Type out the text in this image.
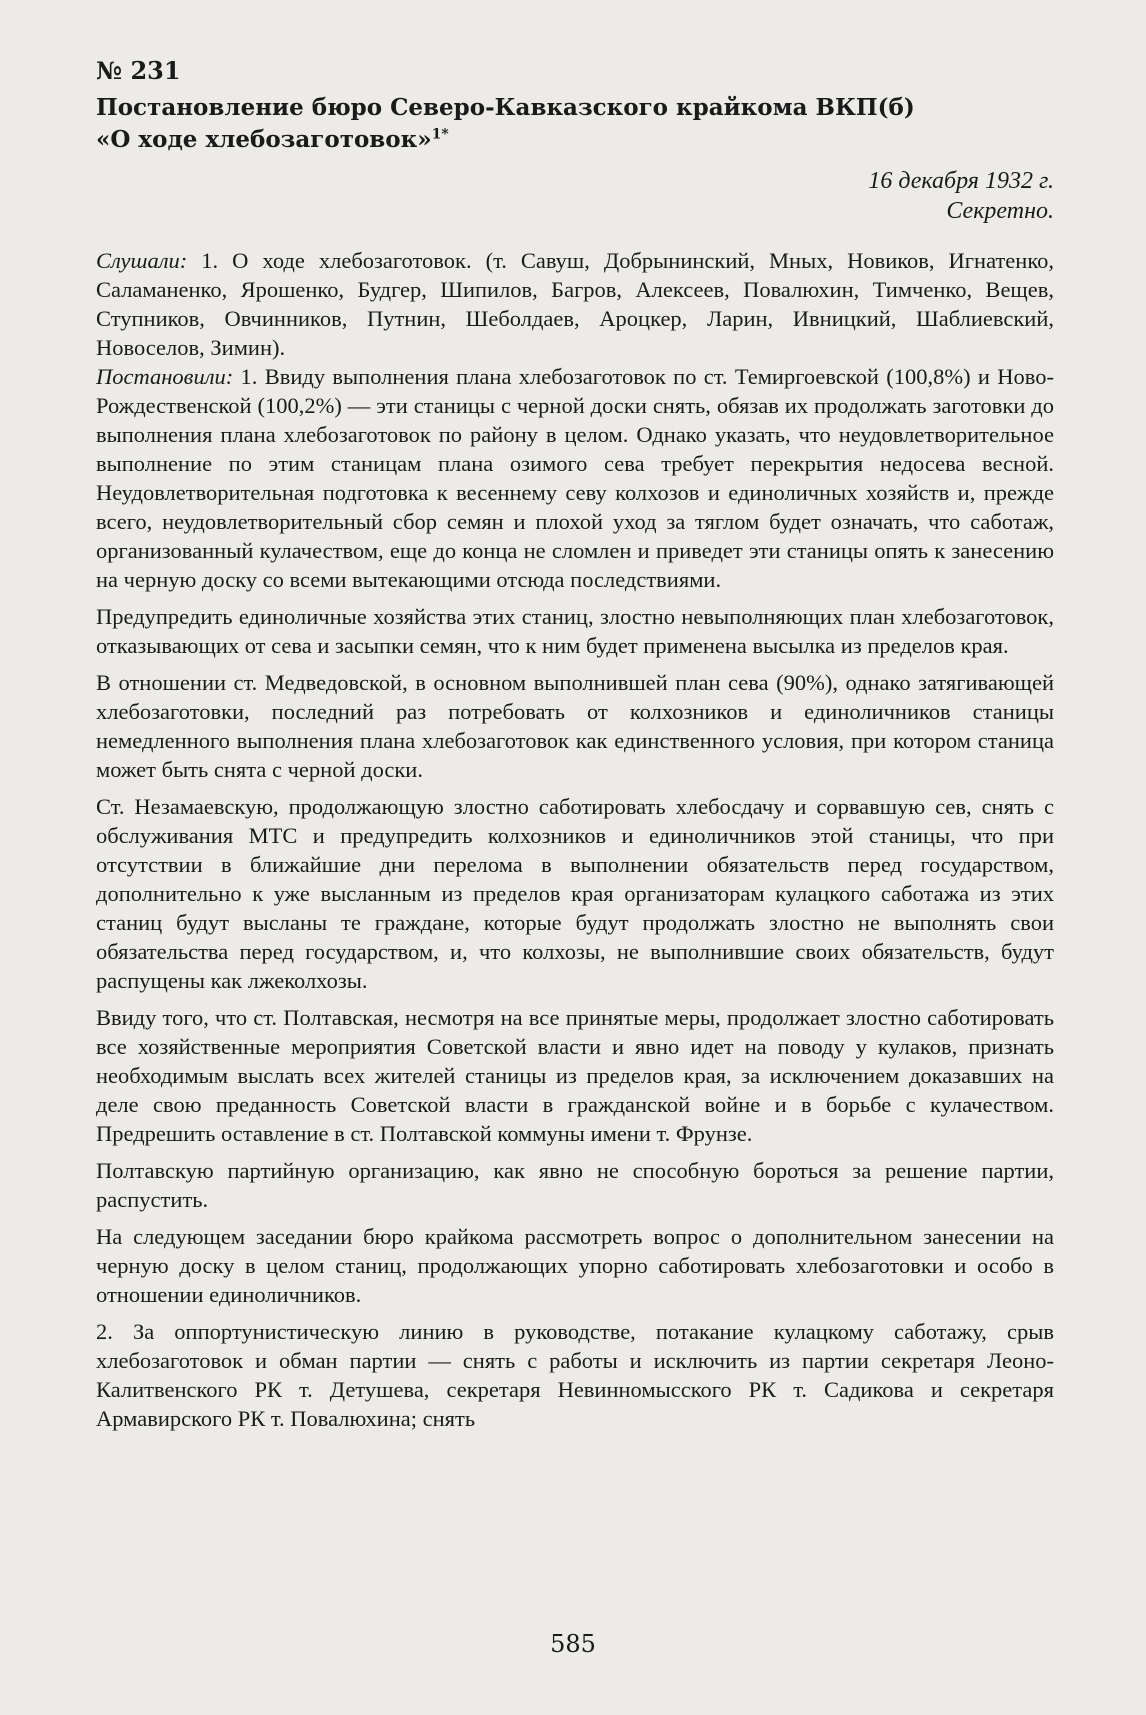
№ 231
Постановление бюро Северо-Кавказского крайкома ВКП(б)
«О ходе хлебозаготовок»$^{1*}$
16 декабря 1932 г.
Секретно.

Слушали: 1. О ходе хлебозаготовок. (т. Савуш, Добрынинский, Мных, Новиков, Игнатенко, Саламаненко, Ярошенко, Будгер, Шипилов, Багров, Алексеев, Повалюхин, Тимченко, Вещев, Ступников, Овчинников, Путнин, Шеболдаев, Ароцкер, Ларин, Ивницкий, Шаблиевский, Новоселов, Зимин).

Постановили: 1. Ввиду выполнения плана хлебозаготовок по ст. Темиргоевской (100,8%) и Ново-Рождественской (100,2%) — эти станицы с черной доски снять, обязав их продолжать заготовки до выполнения плана хлебозаготовок по району в целом. Однако указать, что неудовлетворительное выполнение по этим станицам плана озимого сева требует перекрытия недосева весной. Неудовлетворительная подготовка к весеннему севу колхозов и единоличных хозяйств и, прежде всего, неудовлетворительный сбор семян и плохой уход за тяглом будет означать, что саботаж, организованный кулачеством, еще до конца не сломлен и приведет эти станицы опять к занесению на черную доску со всеми вытекающими отсюда последствиями.

Предупредить единоличные хозяйства этих станиц, злостно невыполняющих план хлебозаготовок, отказывающих от сева и засыпки семян, что к ним будет применена высылка из пределов края.

В отношении ст. Медведовской, в основном выполнившей план сева (90%), однако затягивающей хлебозаготовки, последний раз потребовать от колхозников и единоличников станицы немедленного выполнения плана хлебозаготовок как единственного условия, при котором станица может быть снята с черной доски.

Ст. Незамаевскую, продолжающую злостно саботировать хлебосдачу и сорвавшую сев, снять с обслуживания МТС и предупредить колхозников и единоличников этой станицы, что при отсутствии в ближайшие дни перелома в выполнении обязательств перед государством, дополнительно к уже высланным из пределов края организаторам кулацкого саботажа из этих станиц будут высланы те граждане, которые будут продолжать злостно не выполнять свои обязательства перед государством, и, что колхозы, не выполнившие своих обязательств, будут распущены как лжеколхозы.

Ввиду того, что ст. Полтавская, несмотря на все принятые меры, продолжает злостно саботировать все хозяйственные мероприятия Советской власти и явно идет на поводу у кулаков, признать необходимым выслать всех жителей станицы из пределов края, за исключением доказавших на деле свою преданность Советской власти в гражданской войне и в борьбе с кулачеством. Предрешить оставление в ст. Полтавской коммуны имени т. Фрунзе.

Полтавскую партийную организацию, как явно не способную бороться за решение партии, распустить.

На следующем заседании бюро крайкома рассмотреть вопрос о дополнительном занесении на черную доску в целом станиц, продолжающих упорно саботировать хлебозаготовки и особо в отношении единоличников.

2. За оппортунистическую линию в руководстве, потакание кулацкому саботажу, срыв хлебозаготовок и обман партии — снять с работы и исключить из партии секретаря Леоно-Калитвенского РК т. Детушева, секретаря Невинномысского РК т. Садикова и секретаря Армавирского РК т. Повалюхина; снять

585
